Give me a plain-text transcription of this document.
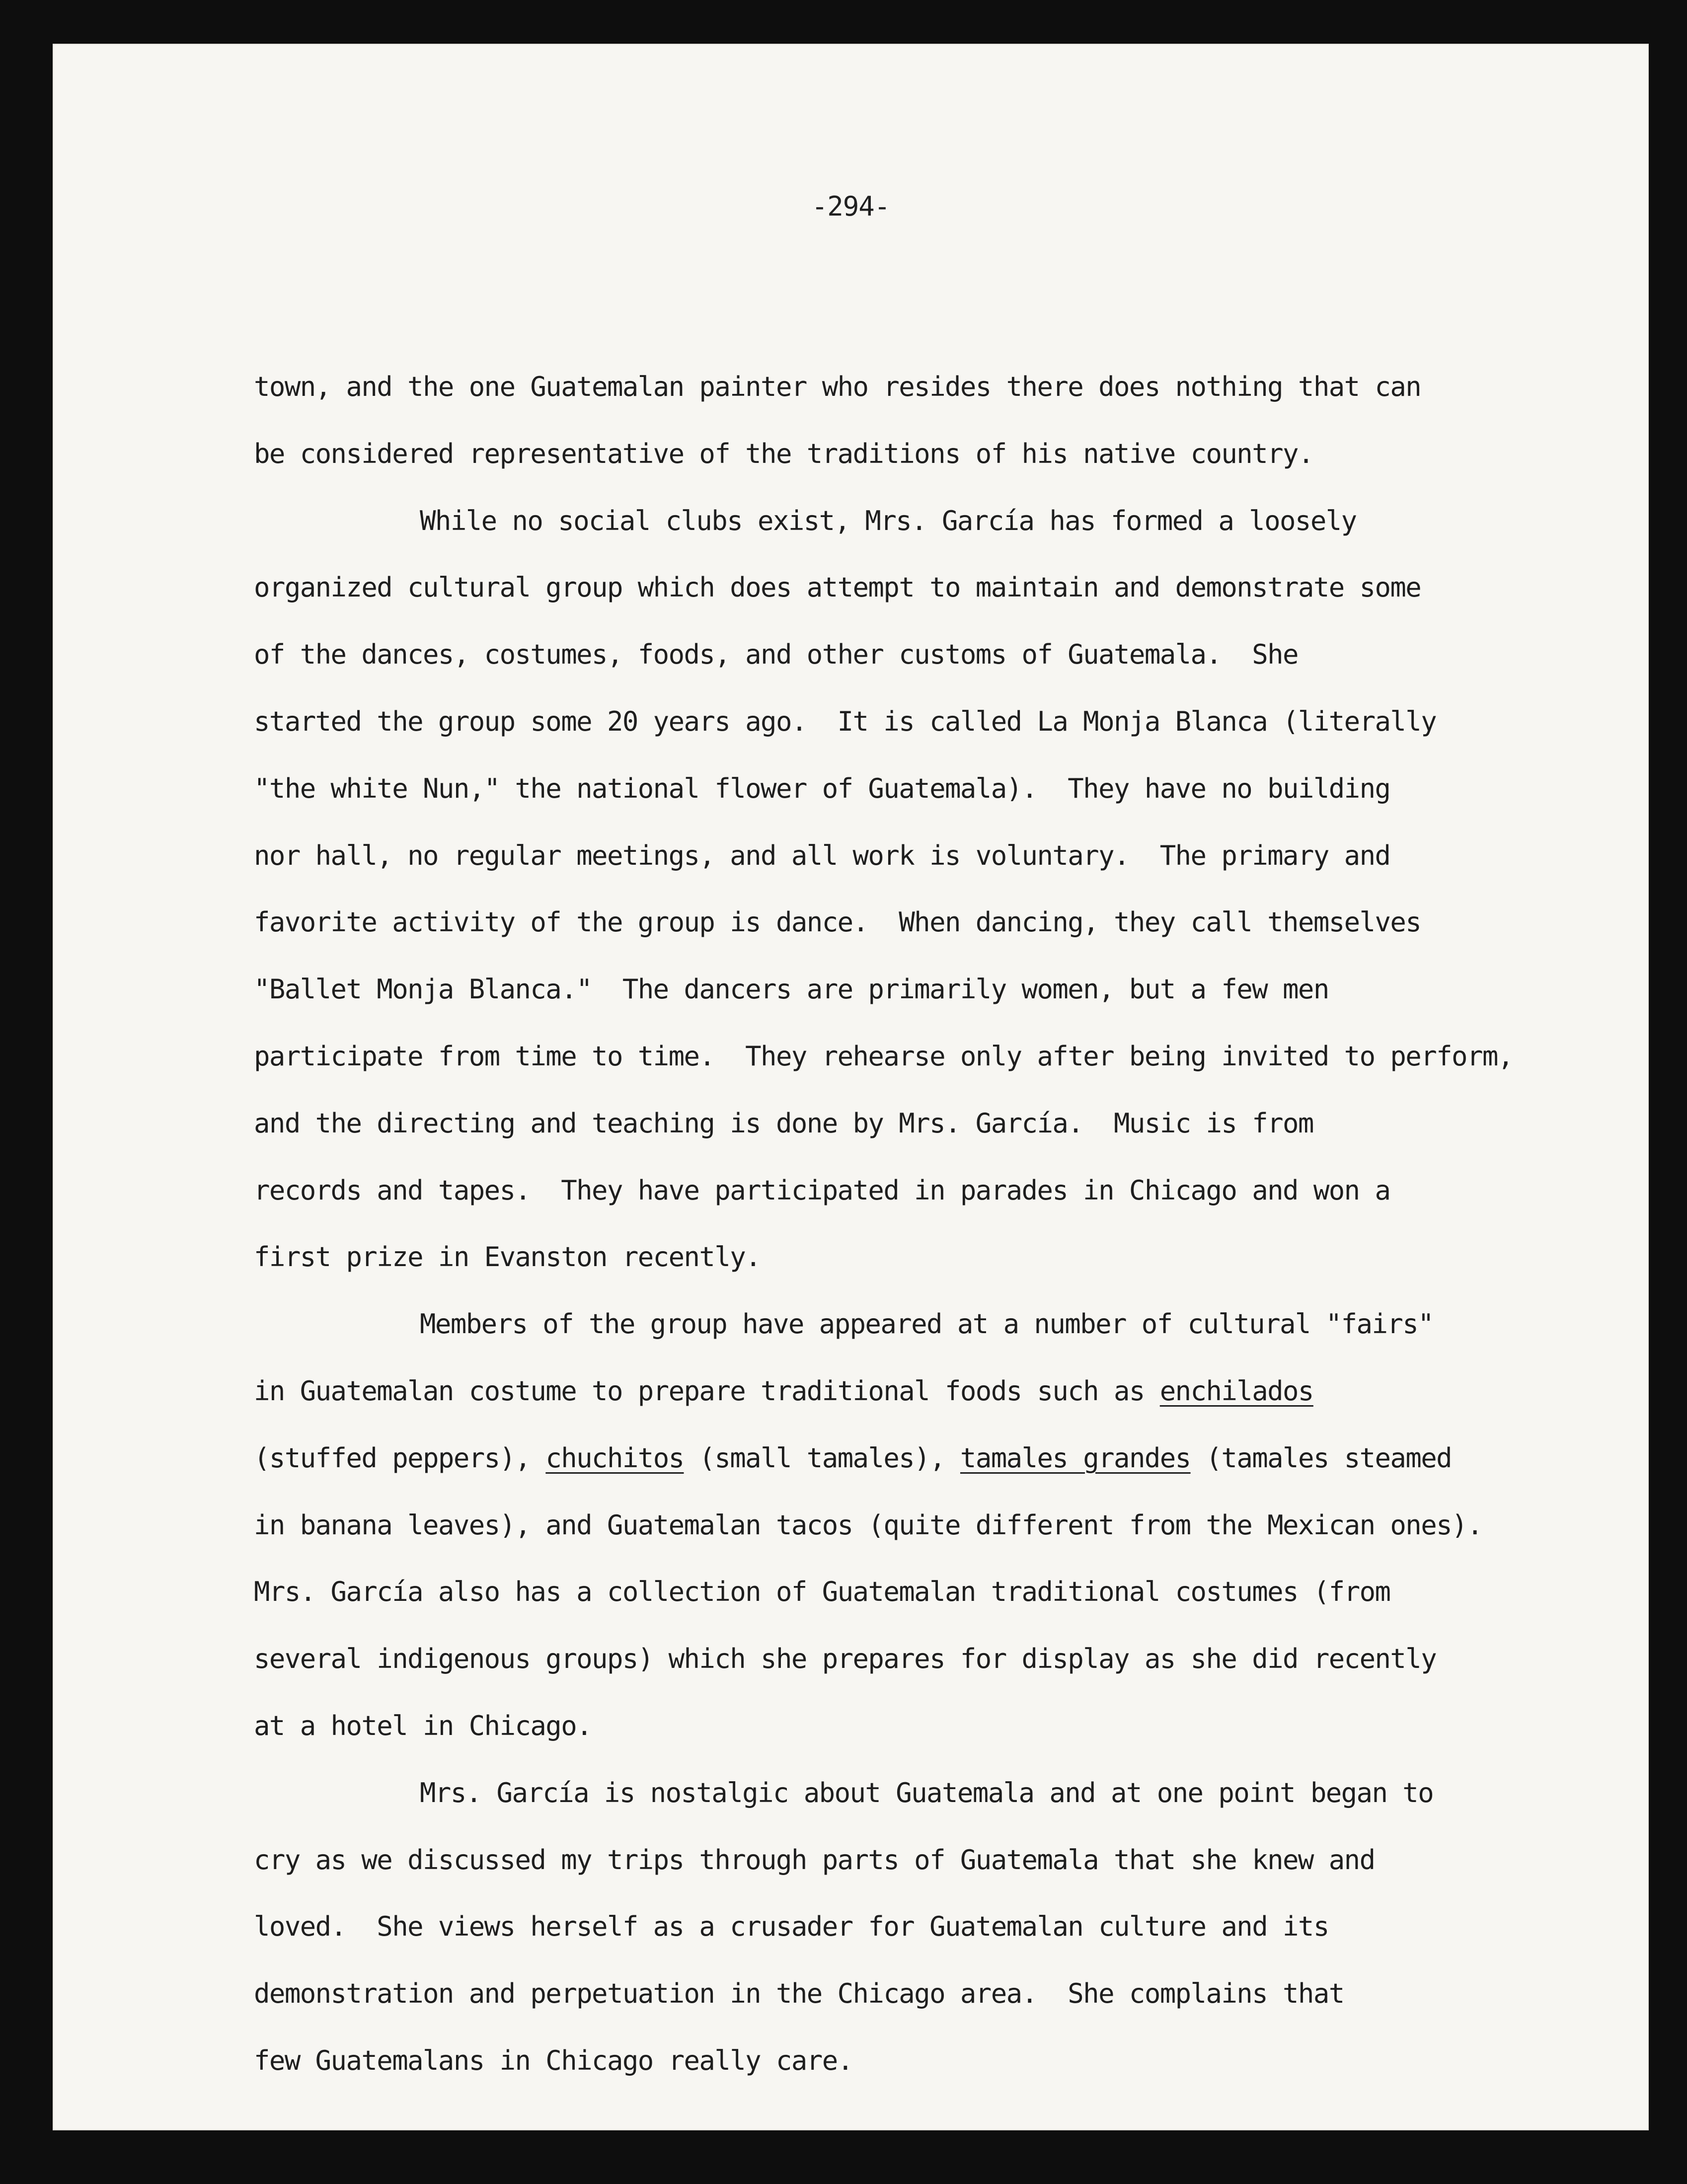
-294-
town, and the one Guatemalan painter who resides there does nothing that can
be considered representative of the traditions of his native country.
While no social clubs exist, Mrs. García has formed a loosely
organized cultural group which does attempt to maintain and demonstrate some
of the dances, costumes, foods, and other customs of Guatemala.  She
started the group some 20 years ago.  It is called La Monja Blanca (literally
"the white Nun," the national flower of Guatemala).  They have no building
nor hall, no regular meetings, and all work is voluntary.  The primary and
favorite activity of the group is dance.  When dancing, they call themselves
"Ballet Monja Blanca."  The dancers are primarily women, but a few men
participate from time to time.  They rehearse only after being invited to perform,
and the directing and teaching is done by Mrs. García.  Music is from
records and tapes.  They have participated in parades in Chicago and won a
first prize in Evanston recently.
Members of the group have appeared at a number of cultural "fairs"
in Guatemalan costume to prepare traditional foods such as enchilados
(stuffed peppers), chuchitos (small tamales), tamales grandes (tamales steamed
in banana leaves), and Guatemalan tacos (quite different from the Mexican ones).
Mrs. García also has a collection of Guatemalan traditional costumes (from
several indigenous groups) which she prepares for display as she did recently
at a hotel in Chicago.
Mrs. García is nostalgic about Guatemala and at one point began to
cry as we discussed my trips through parts of Guatemala that she knew and
loved.  She views herself as a crusader for Guatemalan culture and its
demonstration and perpetuation in the Chicago area.  She complains that
few Guatemalans in Chicago really care.
